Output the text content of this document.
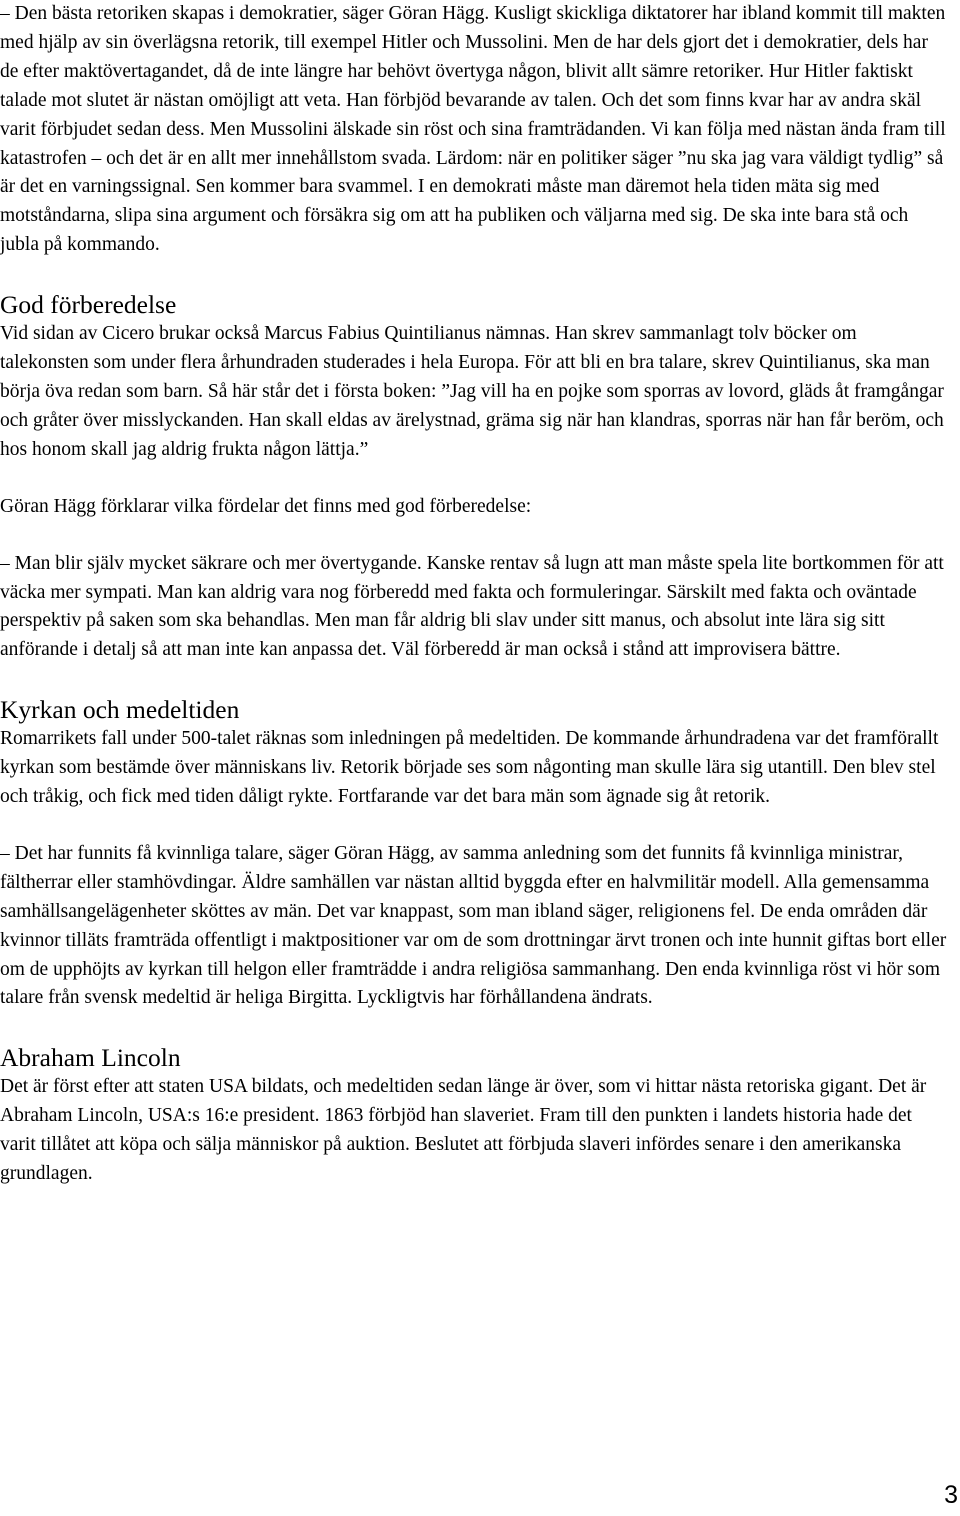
– Den bästa retoriken skapas i demokratier, säger Göran Hägg. Kusligt skickliga diktatorer har ibland kommit till makten med hjälp av sin överlägsna retorik, till exempel Hitler och Mussolini. Men de har dels gjort det i demokratier, dels har de efter maktövertagandet, då de inte längre har behövt övertyga någon, blivit allt sämre retoriker. Hur Hitler faktiskt talade mot slutet är nästan omöjligt att veta. Han förbjöd bevarande av talen. Och det som finns kvar har av andra skäl varit förbjudet sedan dess. Men Mussolini älskade sin röst och sina framträdanden. Vi kan följa med nästan ända fram till katastrofen – och det är en allt mer innehållstom svada. Lärdom: när en politiker säger ”nu ska jag vara väldigt tydlig” så är det en varningssignal. Sen kommer bara svammel. I en demokrati måste man däremot hela tiden mäta sig med motståndarna, slipa sina argument och försäkra sig om att ha publiken och väljarna med sig. De ska inte bara stå och jubla på kommando.

God förberedelse

Vid sidan av Cicero brukar också Marcus Fabius Quintilianus nämnas. Han skrev sammanlagt tolv böcker om talekonsten som under flera århundraden studerades i hela Europa. För att bli en bra talare, skrev Quintilianus, ska man börja öva redan som barn. Så här står det i första boken: ”Jag vill ha en pojke som sporras av lovord, gläds åt framgångar och gråter över misslyckanden. Han skall eldas av ärelystnad, gräma sig när han klandras, sporras när han får beröm, och hos honom skall jag aldrig frukta någon lättja.”

Göran Hägg förklarar vilka fördelar det finns med god förberedelse:

– Man blir själv mycket säkrare och mer övertygande. Kanske rentav så lugn att man måste spela lite bortkommen för att väcka mer sympati. Man kan aldrig vara nog förberedd med fakta och formuleringar. Särskilt med fakta och oväntade perspektiv på saken som ska behandlas. Men man får aldrig bli slav under sitt manus, och absolut inte lära sig sitt anförande i detalj så att man inte kan anpassa det. Väl förberedd är man också i stånd att improvisera bättre.

Kyrkan och medeltiden

Romarrikets fall under 500-talet räknas som inledningen på medeltiden. De kommande århundradena var det framförallt kyrkan som bestämde över människans liv. Retorik började ses som någonting man skulle lära sig utantill. Den blev stel och tråkig, och fick med tiden dåligt rykte. Fortfarande var det bara män som ägnade sig åt retorik.

– Det har funnits få kvinnliga talare, säger Göran Hägg, av samma anledning som det funnits få kvinnliga ministrar, fältherrar eller stamhövdingar. Äldre samhällen var nästan alltid byggda efter en halvmilitär modell. Alla gemensamma samhällsangelägenheter sköttes av män. Det var knappast, som man ibland säger, religionens fel. De enda områden där kvinnor tilläts framträda offentligt i maktpositioner var om de som drottningar ärvt tronen och inte hunnit giftas bort eller om de upphöjts av kyrkan till helgon eller framträdde i andra religiösa sammanhang. Den enda kvinnliga röst vi hör som talare från svensk medeltid är heliga Birgitta. Lyckligtvis har förhållandena ändrats.

Abraham Lincoln

Det är först efter att staten USA bildats, och medeltiden sedan länge är över, som vi hittar nästa retoriska gigant. Det är Abraham Lincoln, USA:s 16:e president. 1863 förbjöd han slaveriet. Fram till den punkten i landets historia hade det varit tillåtet att köpa och sälja människor på auktion. Beslutet att förbjuda slaveri infördes senare i den amerikanska grundlagen.

3
